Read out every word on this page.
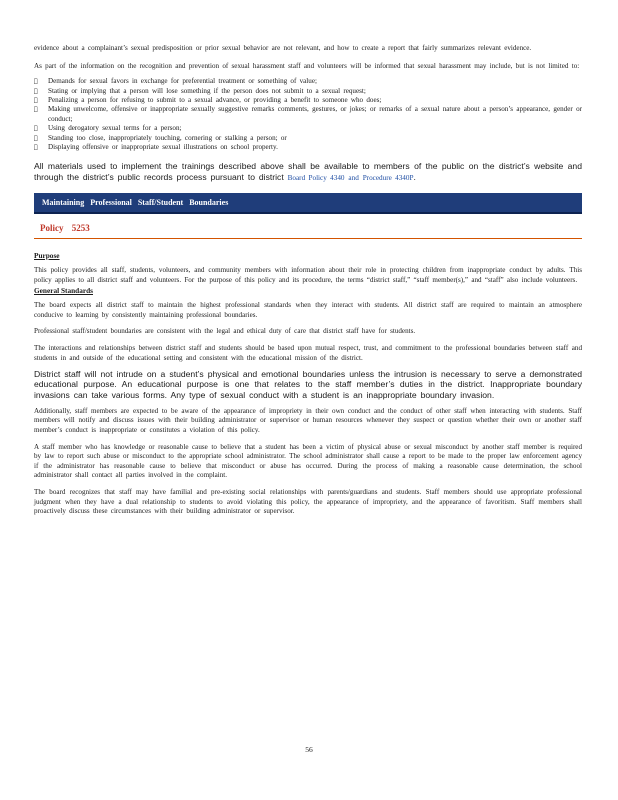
evidence about a complainant’s sexual predisposition or prior sexual behavior are not relevant, and how to create a report that fairly summarizes relevant evidence.

As part of the information on the recognition and prevention of sexual harassment staff and volunteers will be informed that sexual harassment may include, but is not limited to:

Demands for sexual favors in exchange for preferential treatment or something of value;

Stating or implying that a person will lose something if the person does not submit to a sexual request;

Penalizing a person for refusing to submit to a sexual advance, or providing a benefit to someone who does;

Making unwelcome, offensive or inappropriate sexually suggestive remarks comments, gestures, or jokes; or remarks of a sexual nature about a person’s appearance, gender or conduct;

Using derogatory sexual terms for a person;

Standing too close, inappropriately touching, cornering or stalking a person; or

Displaying offensive or inappropriate sexual illustrations on school property.

All materials used to implement the trainings described above shall be available to members of the public on the district’s website and through the district’s public records process pursuant to district Board Policy 4340 and Procedure 4340P.

Maintaining Professional Staff/Student Boundaries
Policy 5253

Purpose

This policy provides all staff, students, volunteers, and community members with information about their role in protecting children from inappropriate conduct by adults. This policy applies to all district staff and volunteers. For the purpose of this policy and its procedure, the terms “district staff,” “staff member(s),” and “staff” also include volunteers.

General Standards

The board expects all district staff to maintain the highest professional standards when they interact with students. All district staff are required to maintain an atmosphere conducive to learning by consistently maintaining professional boundaries.

Professional staff/student boundaries are consistent with the legal and ethical duty of care that district staff have for students.

The interactions and relationships between district staff and students should be based upon mutual respect, trust, and commitment to the professional boundaries between staff and students in and outside of the educational setting and consistent with the educational mission of the district.

District staff will not intrude on a student’s physical and emotional boundaries unless the intrusion is necessary to serve a demonstrated educational purpose. An educational purpose is one that relates to the staff member’s duties in the district. Inappropriate boundary invasions can take various forms. Any type of sexual conduct with a student is an inappropriate boundary invasion.

Additionally, staff members are expected to be aware of the appearance of impropriety in their own conduct and the conduct of other staff when interacting with students. Staff members will notify and discuss issues with their building administrator or supervisor or human resources whenever they suspect or question whether their own or another staff member’s conduct is inappropriate or constitutes a violation of this policy.

A staff member who has knowledge or reasonable cause to believe that a student has been a victim of physical abuse or sexual misconduct by another staff member is required by law to report such abuse or misconduct to the appropriate school administrator. The school administrator shall cause a report to be made to the proper law enforcement agency if the administrator has reasonable cause to believe that misconduct or abuse has occurred. During the process of making a reasonable cause determination, the school administrator shall contact all parties involved in the complaint.

The board recognizes that staff may have familial and pre-existing social relationships with parents/guardians and students. Staff members should use appropriate professional judgment when they have a dual relationship to students to avoid violating this policy, the appearance of impropriety, and the appearance of favoritism. Staff members shall proactively discuss these circumstances with their building administrator or supervisor.

56
